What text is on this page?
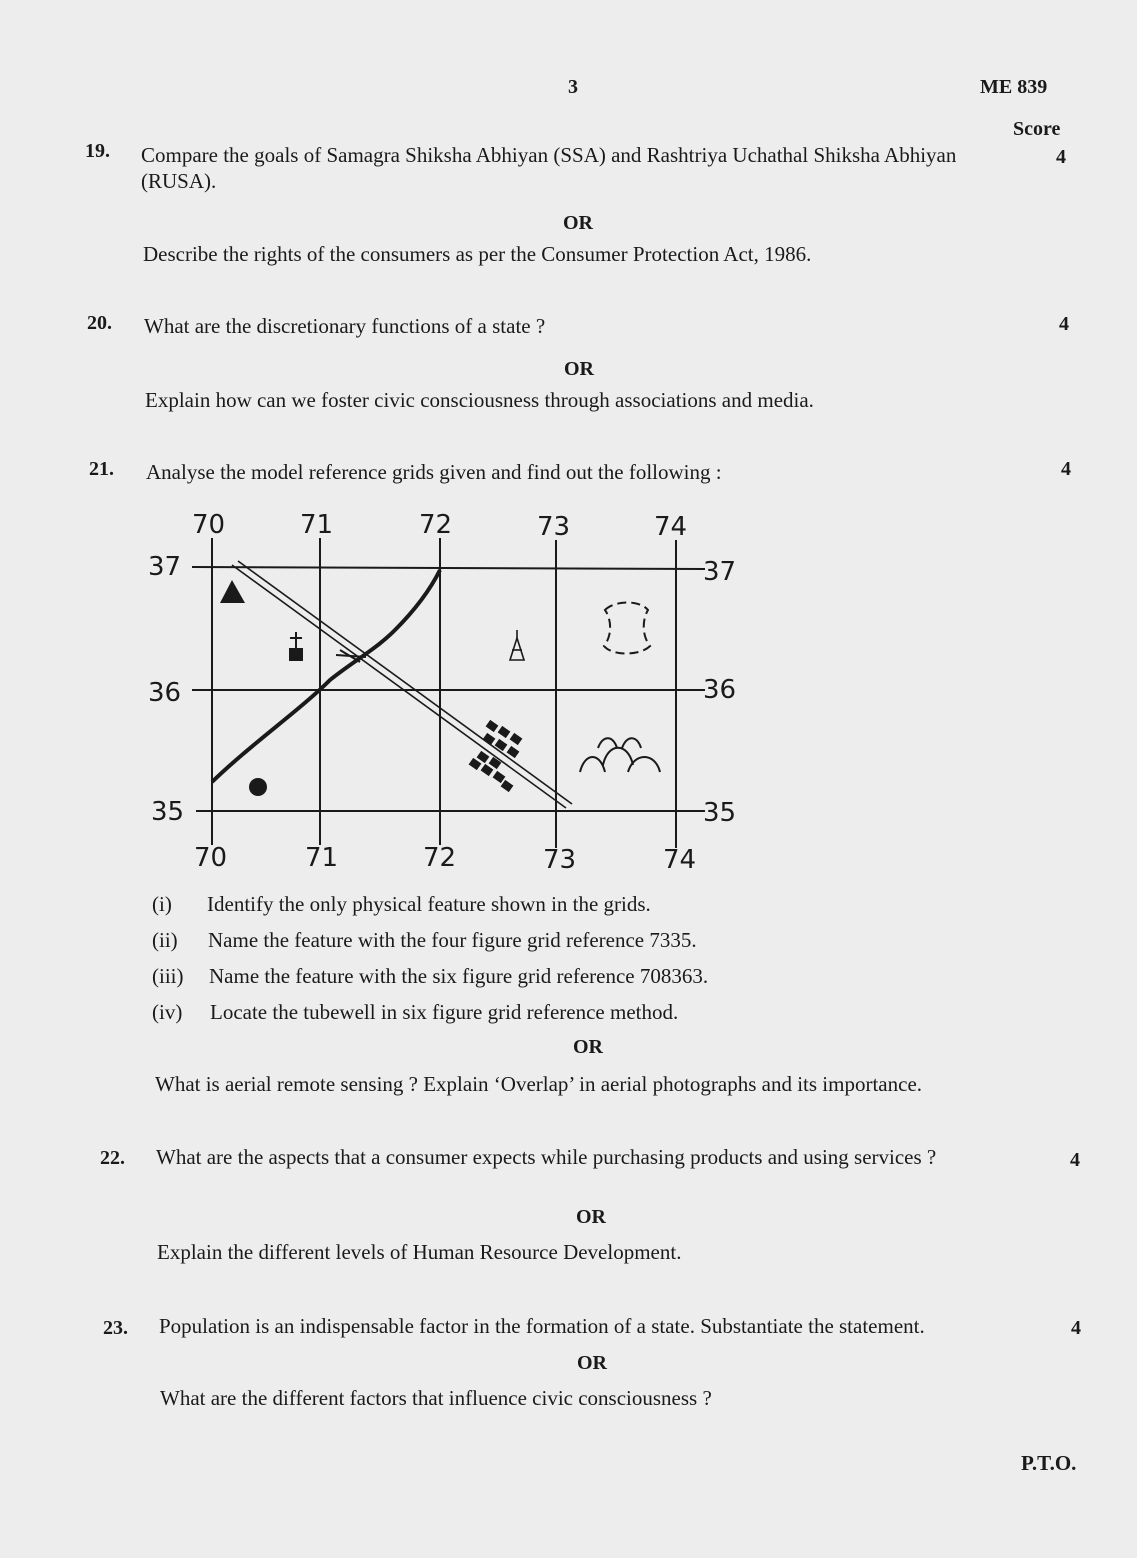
3	ME 839
Score
19. Compare the goals of Samagra Shiksha Abhiyan (SSA) and Rashtriya Uchathal Shiksha Abhiyan (RUSA).
4
OR
Describe the rights of the consumers as per the Consumer Protection Act, 1986.
20. What are the discretionary functions of a state ?	4
OR
Explain how can we foster civic consciousness through associations and media.
21. Analyse the model reference grids given and find out the following :	4
70	71	72	73	74
37
36
35
37
36
35
70	71	72	73	74
(i) Identify the only physical feature shown in the grids.
(ii) Name the feature with the four figure grid reference 7335.
(iii) Name the feature with the six figure grid reference 708363.
(iv) Locate the tubewell in six figure grid reference method.
OR
What is aerial remote sensing ? Explain ‘Overlap’ in aerial photographs and its importance.
22. What are the aspects that a consumer expects while purchasing products and using services ?	4
OR
Explain the different levels of Human Resource Development.
23. Population is an indispensable factor in the formation of a state. Substantiate the statement.	4
OR
What are the different factors that influence civic consciousness ?
P.T.O.
